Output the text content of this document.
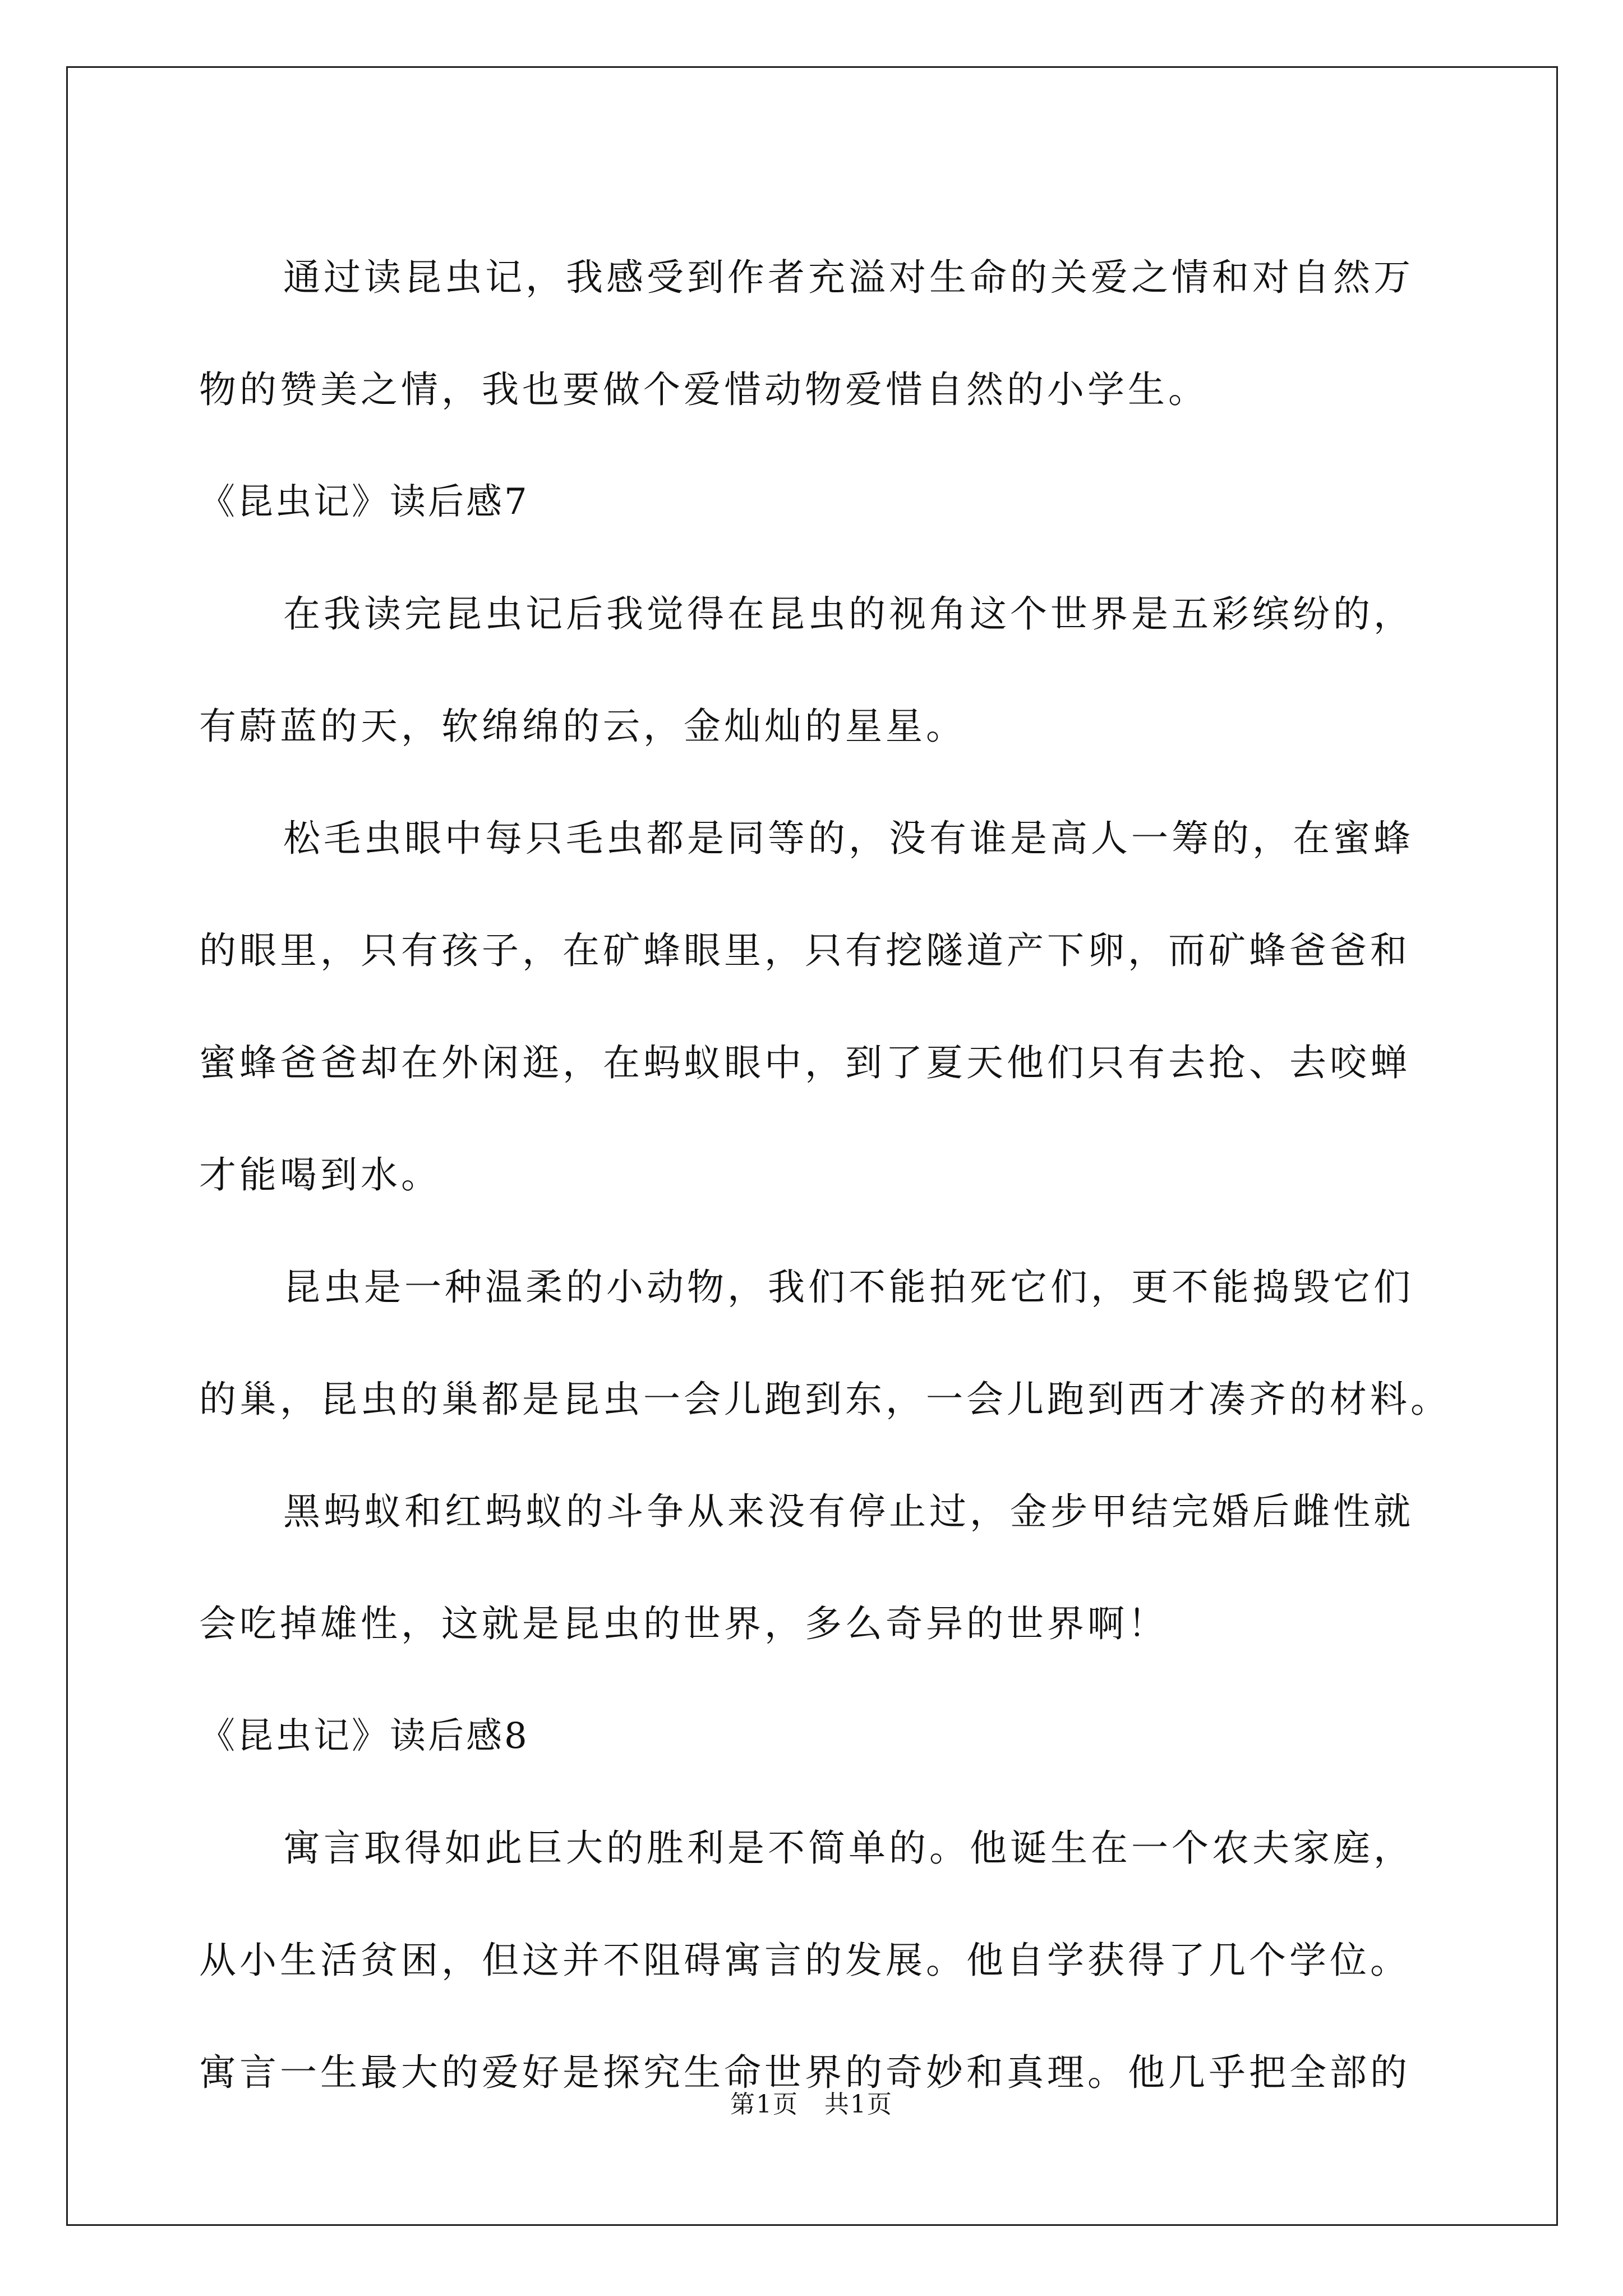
通过读昆虫记，我感受到作者充溢对生命的关爱之情和对自然万
物的赞美之情，我也要做个爱惜动物爱惜自然的小学生。
《昆虫记》读后感7
在我读完昆虫记后我觉得在昆虫的视角这个世界是五彩缤纷的，
有蔚蓝的天，软绵绵的云，金灿灿的星星。
松毛虫眼中每只毛虫都是同等的，没有谁是高人一筹的，在蜜蜂
的眼里，只有孩子，在矿蜂眼里，只有挖隧道产下卵，而矿蜂爸爸和
蜜蜂爸爸却在外闲逛，在蚂蚁眼中，到了夏天他们只有去抢、去咬蝉
才能喝到水。
昆虫是一种温柔的小动物，我们不能拍死它们，更不能捣毁它们
的巢，昆虫的巢都是昆虫一会儿跑到东，一会儿跑到西才凑齐的材料。
黑蚂蚁和红蚂蚁的斗争从来没有停止过，金步甲结完婚后雌性就
会吃掉雄性，这就是昆虫的世界，多么奇异的世界啊！
《昆虫记》读后感8
寓言取得如此巨大的胜利是不简单的。他诞生在一个农夫家庭，
从小生活贫困，但这并不阻碍寓言的发展。他自学获得了几个学位。
寓言一生最大的爱好是探究生命世界的奇妙和真理。他几乎把全部的
第1页　共1页
